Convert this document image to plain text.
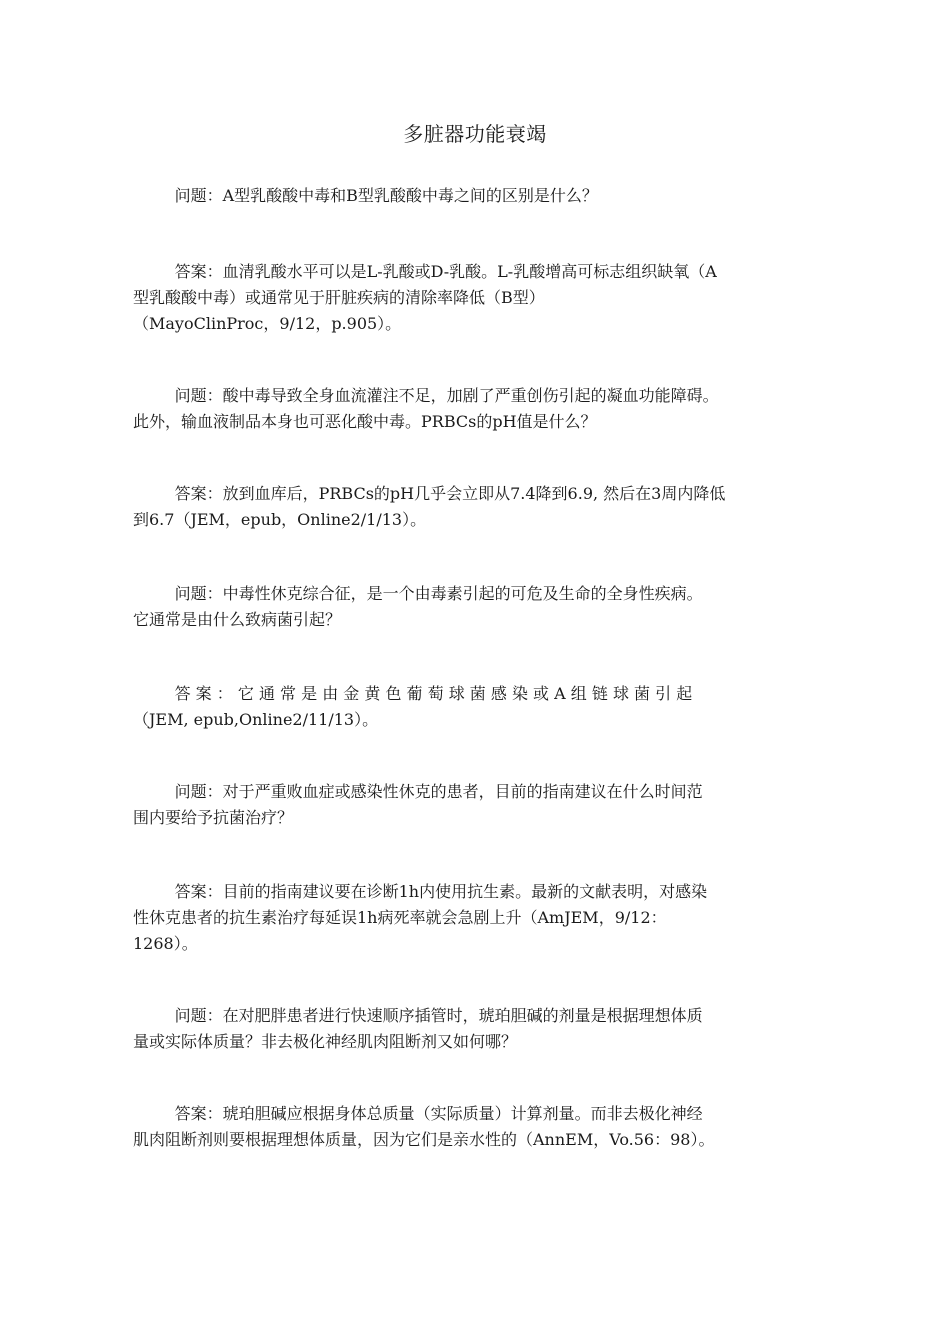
多脏器功能衰竭
问题：A型乳酸酸中毒和B型乳酸酸中毒之间的区别是什么？
答案：血清乳酸水平可以是L-乳酸或D-乳酸。L-乳酸增高可标志组织缺氧（A
型乳酸酸中毒）或通常见于肝脏疾病的清除率降低（B型）
（MayoClinProc，9/12，p.905）。
问题：酸中毒导致全身血流灌注不足，加剧了严重创伤引起的凝血功能障碍。
此外，输血液制品本身也可恶化酸中毒。PRBCs的pH值是什么？
答案：放到血库后，PRBCs的pH几乎会立即从7.4降到6.9, 然后在3周内降低
到6.7（JEM，epub，Online2/1/13）。
问题：中毒性休克综合征，是一个由毒素引起的可危及生命的全身性疾病。
它通常是由什么致病菌引起？
答 案 ： 它 通 常 是 由 金 黄 色 葡 萄 球 菌 感 染 或 A 组 链 球 菌 引 起
（JEM, epub,Online2/11/13）。
问题：对于严重败血症或感染性休克的患者，目前的指南建议在什么时间范
围内要给予抗菌治疗？
答案：目前的指南建议要在诊断1h内使用抗生素。最新的文献表明，对感染
性休克患者的抗生素治疗每延误1h病死率就会急剧上升（AmJEM，9/12：
1268）。
问题：在对肥胖患者进行快速顺序插管时，琥珀胆碱的剂量是根据理想体质
量或实际体质量？非去极化神经肌肉阻断剂又如何哪？
答案：琥珀胆碱应根据身体总质量（实际质量）计算剂量。而非去极化神经
肌肉阻断剂则要根据理想体质量，因为它们是亲水性的（AnnEM，Vo.56：98）。
